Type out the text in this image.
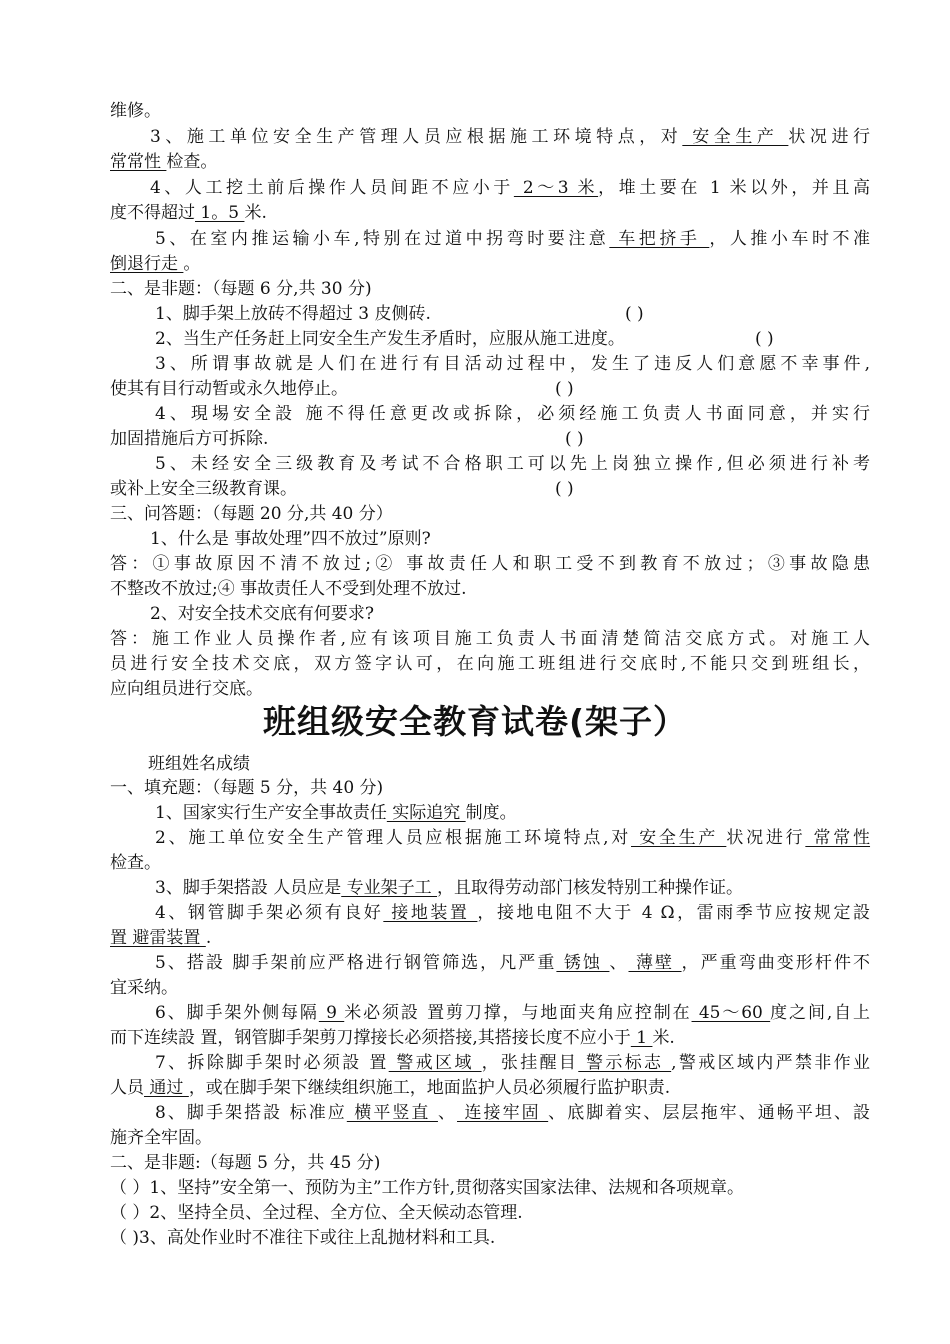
维修。
3、施工单位安全生产管理人员应根据施工环境特点，对 安全生产 状况进行
常常性 检查。
4、人工挖土前后操作人员间距不应小于 2～3 米，堆土要在 1 米以外，并且高
度不得超过 1。5 米.
5、在室内推运输小车,特别在过道中拐弯时要注意 车把挤手 ，人推小车时不准
倒退行走 。
二、是非题：（每题 6 分,共 30 分)
1、脚手架上放砖不得超过 3 皮侧砖.	( )
2、当生产任务赶上同安全生产发生矛盾时，应服从施工进度。	( )
3、所谓事故就是人们在进行有目活动过程中，发生了违反人们意愿不幸事件,
使其有目行动暂或永久地停止。	( )
4、現埸安全設 施不得任意更改或拆除，必须经施工负责人书面同意，并实行
加固措施后方可拆除.	( )
5、未经安全三级教育及考试不合格职工可以先上岗独立操作,但必须进行补考
或补上安全三级教育课。	( )
三、问答题：（每题 20 分,共 40 分）
1、什么是 事故处理”四不放过”原则?
答：①事故原因不清不放过;② 事故责任人和职工受不到教育不放过；③事故隐患
不整改不放过;④ 事故责任人不受到处理不放过.
2、对安全技术交底有何要求?
答：施工作业人员操作者,应有该项目施工负责人书面清楚简洁交底方式。对施工人
员进行安全技术交底，双方签字认可，在向施工班组进行交底时,不能只交到班组长，
应向组员进行交底。
班组级安全教育试卷(架子）
班组姓名成绩
一、填充题：（每题 5 分，共 40 分)
1、国家实行生产安全事故责任 实际追究 制度。
2、施工单位安全生产管理人员应根据施工环境特点,对 安全生产 状况进行 常常性
检查。
3、脚手架搭設 人员应是 专业架子工 ，且取得劳动部门核发特别工种操作证。
4、钢管脚手架必须有良好 接地装置 ，接地电阻不大于 4 Ω，雷雨季节应按规定設
置 避雷装置 .
5、搭設 脚手架前应严格进行钢管筛选，凡严重 锈蚀 、 薄壁 ，严重弯曲变形杆件不
宜采纳。
6、脚手架外侧每隔 9 米必须設 置剪刀撑，与地面夹角应控制在 45～60 度之间,自上
而下连续設 置，钢管脚手架剪刀撑接长必须搭接,其搭接长度不应小于 1 米.
7、拆除脚手架时必须設 置 警戒区域 ，张挂醒目 警示标志 ,警戒区域内严禁非作业
人员 通过 ，或在脚手架下继续组织施工，地面监护人员必须履行监护职责.
8、脚手架搭設 标准应 横平竖直 、 连接牢固 、底脚着实、层层拖牢、通畅平坦、設
施齐全牢固。
二、是非题:（每题 5 分，共 45 分)
（ ）1、坚持”安全第一、预防为主”工作方针,贯彻落实国家法律、法规和各项规章。
（ ）2、坚持全员、全过程、全方位、全天候动态管理.
（ )3、高处作业时不准往下或往上乱抛材料和工具.
